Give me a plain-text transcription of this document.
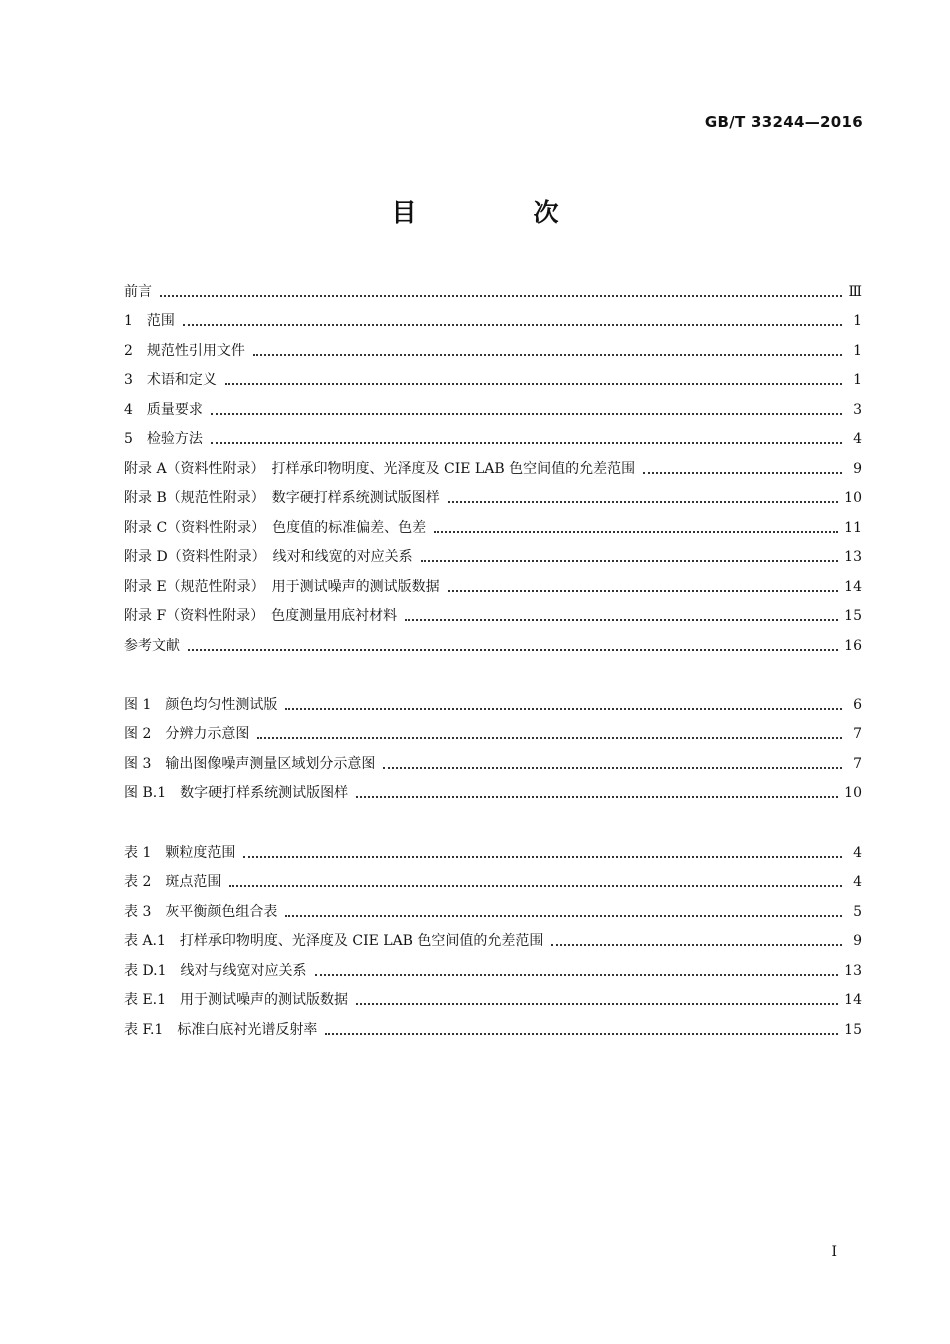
GB/T 33244—2016
目　次
前言	Ⅲ
1　范围	1
2　规范性引用文件	1
3　术语和定义	1
4　质量要求	3
5　检验方法	4
附录 A（资料性附录）　打样承印物明度、光泽度及 CIE LAB 色空间值的允差范围	9
附录 B（规范性附录）　数字硬打样系统测试版图样	10
附录 C（资料性附录）　色度值的标准偏差、色差	11
附录 D（资料性附录）　线对和线宽的对应关系	13
附录 E（规范性附录）　用于测试噪声的测试版数据	14
附录 F（资料性附录）　色度测量用底衬材料	15
参考文献	16
图 1　颜色均匀性测试版	6
图 2　分辨力示意图	7
图 3　输出图像噪声测量区域划分示意图	7
图 B.1　数字硬打样系统测试版图样	10
表 1　颗粒度范围	4
表 2　斑点范围	4
表 3　灰平衡颜色组合表	5
表 A.1　打样承印物明度、光泽度及 CIE LAB 色空间值的允差范围	9
表 D.1　线对与线宽对应关系	13
表 E.1　用于测试噪声的测试版数据	14
表 F.1　标准白底衬光谱反射率	15
I
